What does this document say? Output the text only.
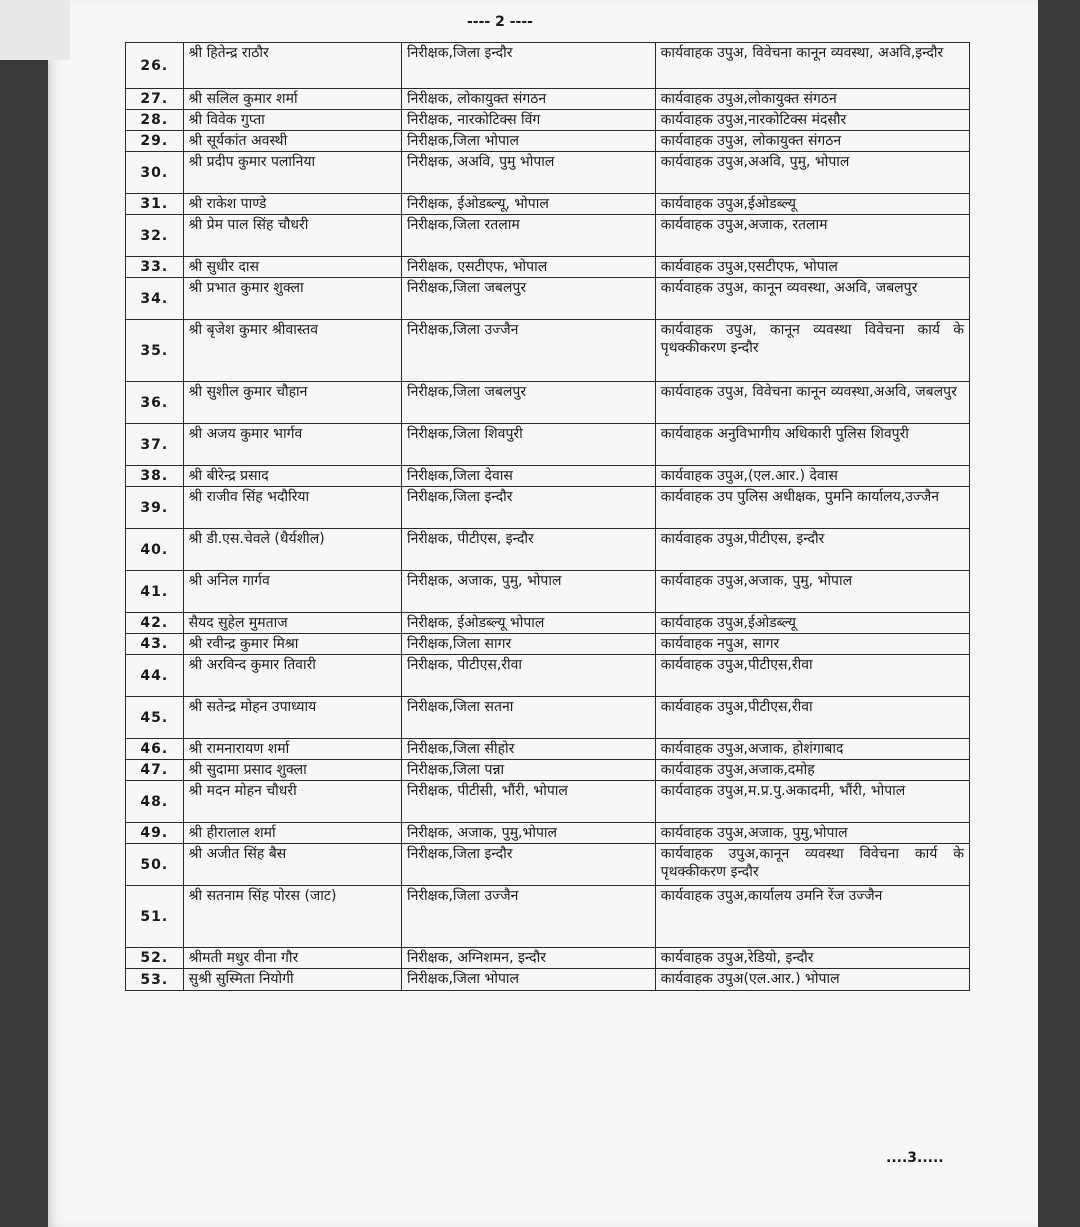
---- 2 ----
26.	श्री हितेन्द्र राठौर	निरीक्षक,जिला इन्दौर	कार्यवाहक उपुअ, विवेचना कानून व्यवस्था, अअवि,इन्दौर
27.	श्री सलिल कुमार शर्मा	निरीक्षक, लोकायुक्त संगठन	कार्यवाहक उपुअ,लोकायुक्त संगठन
28.	श्री विवेक गुप्ता	निरीक्षक, नारकोटिक्स विंग	कार्यवाहक उपुअ,नारकोटिक्स मंदसौर
29.	श्री सूर्यकांत अवस्थी	निरीक्षक,जिला भोपाल	कार्यवाहक उपुअ, लोकायुक्त संगठन
30.	श्री प्रदीप कुमार पलानिया	निरीक्षक, अअवि, पुमु भोपाल	कार्यवाहक उपुअ,अअवि, पुमु, भोपाल
31.	श्री राकेश पाण्डे	निरीक्षक, ईओडब्ल्यू, भोपाल	कार्यवाहक उपुअ,ईओडब्ल्यू
32.	श्री प्रेम पाल सिंह चौधरी	निरीक्षक,जिला रतलाम	कार्यवाहक उपुअ,अजाक, रतलाम
33.	श्री सुधीर दास	निरीक्षक, एसटीएफ, भोपाल	कार्यवाहक उपुअ,एसटीएफ, भोपाल
34.	श्री प्रभात कुमार शुक्ला	निरीक्षक,जिला जबलपुर	कार्यवाहक उपुअ, कानून व्यवस्था, अअवि, जबलपुर
35.	श्री बृजेश कुमार श्रीवास्तव	निरीक्षक,जिला उज्जैन	कार्यवाहक उपुअ, कानून व्यवस्था विवेचना कार्य के पृथक्कीकरण इन्दौर
36.	श्री सुशील कुमार चौहान	निरीक्षक,जिला जबलपुर	कार्यवाहक उपुअ, विवेचना कानून व्यवस्था,अअवि, जबलपुर
37.	श्री अजय कुमार भार्गव	निरीक्षक,जिला शिवपुरी	कार्यवाहक अनुविभागीय अधिकारी पुलिस शिवपुरी
38.	श्री बीरेन्द्र प्रसाद	निरीक्षक,जिला देवास	कार्यवाहक उपुअ,(एल.आर.) देवास
39.	श्री राजीव सिंह भदौरिया	निरीक्षक,जिला इन्दौर	कार्यवाहक उप पुलिस अधीक्षक, पुमनि कार्यालय,उज्जैन
40.	श्री डी.एस.चेवले (धैर्यशील)	निरीक्षक, पीटीएस, इन्दौर	कार्यवाहक उपुअ,पीटीएस, इन्दौर
41.	श्री अनिल गार्गव	निरीक्षक, अजाक, पुमु, भोपाल	कार्यवाहक उपुअ,अजाक, पुमु, भोपाल
42.	सैयद सुहेल मुमताज	निरीक्षक, ईओडब्ल्यू भोपाल	कार्यवाहक उपुअ,ईओडब्ल्यू
43.	श्री रवीन्द्र कुमार मिश्रा	निरीक्षक,जिला सागर	कार्यवाहक नपुअ, सागर
44.	श्री अरविन्द कुमार तिवारी	निरीक्षक, पीटीएस,रीवा	कार्यवाहक उपुअ,पीटीएस,रीवा
45.	श्री सतेन्द्र मोहन उपाध्याय	निरीक्षक,जिला सतना	कार्यवाहक उपुअ,पीटीएस,रीवा
46.	श्री रामनारायण शर्मा	निरीक्षक,जिला सीहोर	कार्यवाहक उपुअ,अजाक, होशंगाबाद
47.	श्री सुदामा प्रसाद शुक्ला	निरीक्षक,जिला पन्ना	कार्यवाहक उपुअ,अजाक,दमोह
48.	श्री मदन मोहन चौधरी	निरीक्षक, पीटीसी, भौंरी, भोपाल	कार्यवाहक उपुअ,म.प्र.पु.अकादमी, भौंरी, भोपाल
49.	श्री हीरालाल शर्मा	निरीक्षक, अजाक, पुमु,भोपाल	कार्यवाहक उपुअ,अजाक, पुमु,भोपाल
50.	श्री अजीत सिंह बैस	निरीक्षक,जिला इन्दौर	कार्यवाहक उपुअ,कानून व्यवस्था विवेचना कार्य के पृथक्कीकरण इन्दौर
51.	श्री सतनाम सिंह पोरस (जाट)	निरीक्षक,जिला उज्जैन	कार्यवाहक उपुअ,कार्यालय उमनि रेंज उज्जैन
52.	श्रीमती मधुर वीना गौर	निरीक्षक, अग्निशमन, इन्दौर	कार्यवाहक उपुअ,रेडियो, इन्दौर
53.	सुश्री सुस्मिता नियोगी	निरीक्षक,जिला भोपाल	कार्यवाहक उपुअ(एल.आर.) भोपाल
....3.....
